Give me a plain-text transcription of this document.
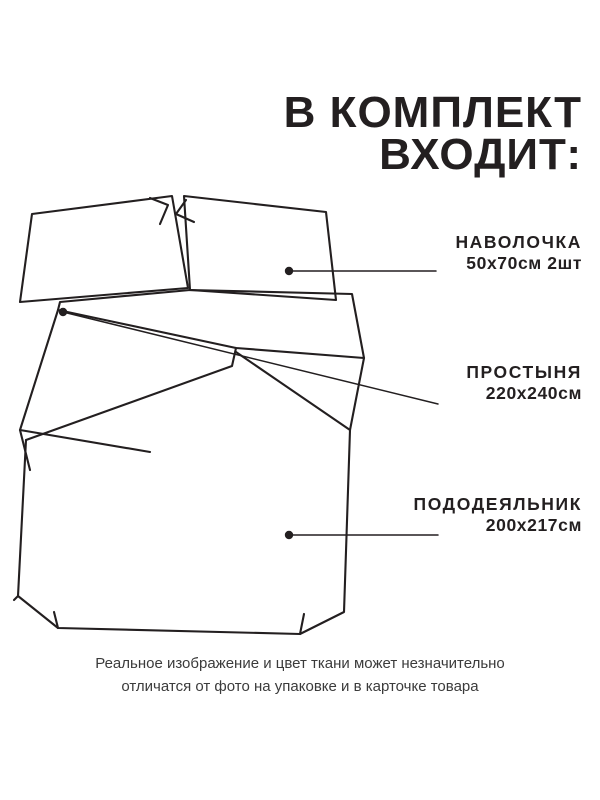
В КОМПЛЕКТ
ВХОДИТ:
НАВОЛОЧКА
50х70см 2шт
ПРОСТЫНЯ
220х240см
ПОДОДЕЯЛЬНИК
200х217см
Реальное изображение и цвет ткани может незначительно
отличатся от фото на упаковке и в карточке товара
